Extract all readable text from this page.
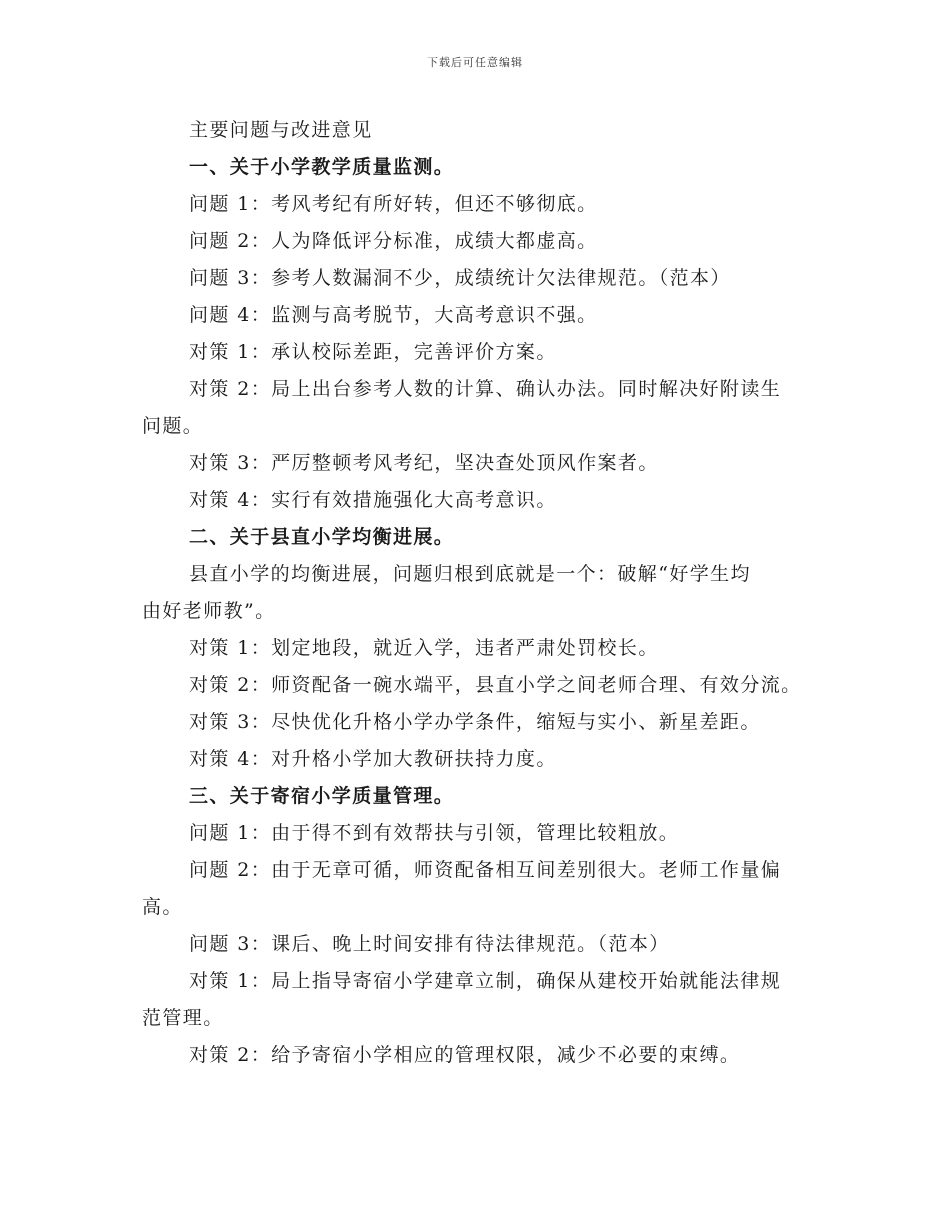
下载后可任意编辑
主要问题与改进意见
一、关于小学教学质量监测。
问题 1：考风考纪有所好转，但还不够彻底。
问题 2：人为降低评分标准，成绩大都虚高。
问题 3：参考人数漏洞不少，成绩统计欠法律规范。（范本）
问题 4：监测与高考脱节，大高考意识不强。
对策 1：承认校际差距，完善评价方案。
对策 2：局上出台参考人数的计算、确认办法。同时解决好附读生
问题。
对策 3：严厉整顿考风考纪，坚决查处顶风作案者。
对策 4：实行有效措施强化大高考意识。
二、关于县直小学均衡进展。
县直小学的均衡进展，问题归根到底就是一个：破解“好学生均
由好老师教”。
对策 1：划定地段，就近入学，违者严肃处罚校长。
对策 2：师资配备一碗水端平，县直小学之间老师合理、有效分流。
对策 3：尽快优化升格小学办学条件，缩短与实小、新星差距。
对策 4：对升格小学加大教研扶持力度。
三、关于寄宿小学质量管理。
问题 1：由于得不到有效帮扶与引领，管理比较粗放。
问题 2：由于无章可循，师资配备相互间差别很大。老师工作量偏
高。
问题 3：课后、晚上时间安排有待法律规范。（范本）
对策 1：局上指导寄宿小学建章立制，确保从建校开始就能法律规
范管理。
对策 2：给予寄宿小学相应的管理权限，减少不必要的束缚。
